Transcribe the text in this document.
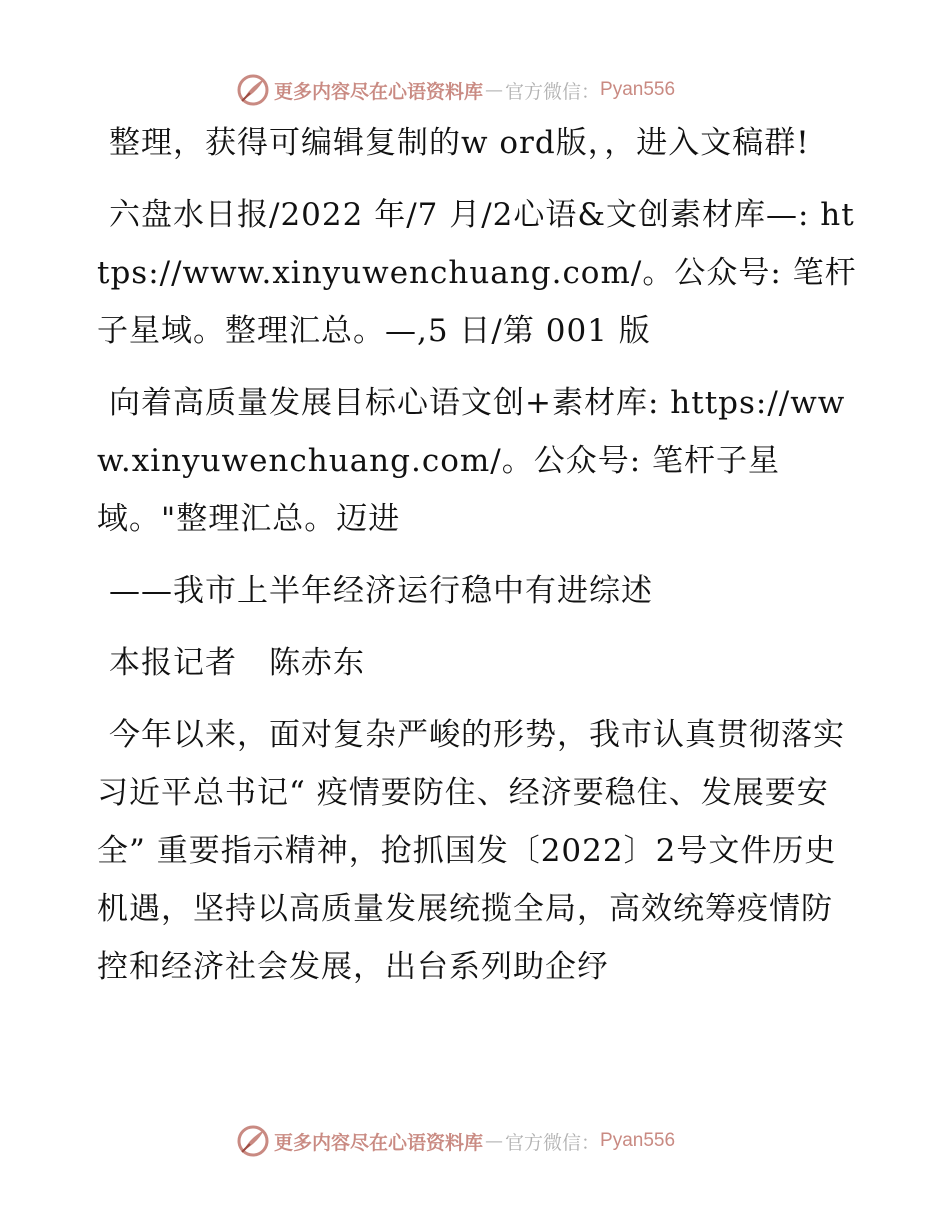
更多内容尽在心语资料库 — 官方微信： Pyan556

整理，获得可编辑复制的w ord版，，进入文稿群!

六盘水日报/2022 年/7 月/2心语&文创素材库—: https://www.xinyuwenchuang.com/。公众号: 笔杆子星域。整理汇总。—,5 日/第 001 版

向着高质量发展目标心语文创+素材库: https://www.xinyuwenchuang.com/。公众号: 笔杆子星域。"整理汇总。迈进

——我市上半年经济运行稳中有进综述

本报记者　陈赤东

今年以来，面对复杂严峻的形势，我市认真贯彻落实习近平总书记“ 疫情要防住、经济要稳住、发展要安全” 重要指示精神，抢抓国发〔2022〕2号文件历史机遇，坚持以高质量发展统揽全局，高效统筹疫情防控和经济社会发展，出台系列助企纾

更多内容尽在心语资料库 — 官方微信： Pyan556
